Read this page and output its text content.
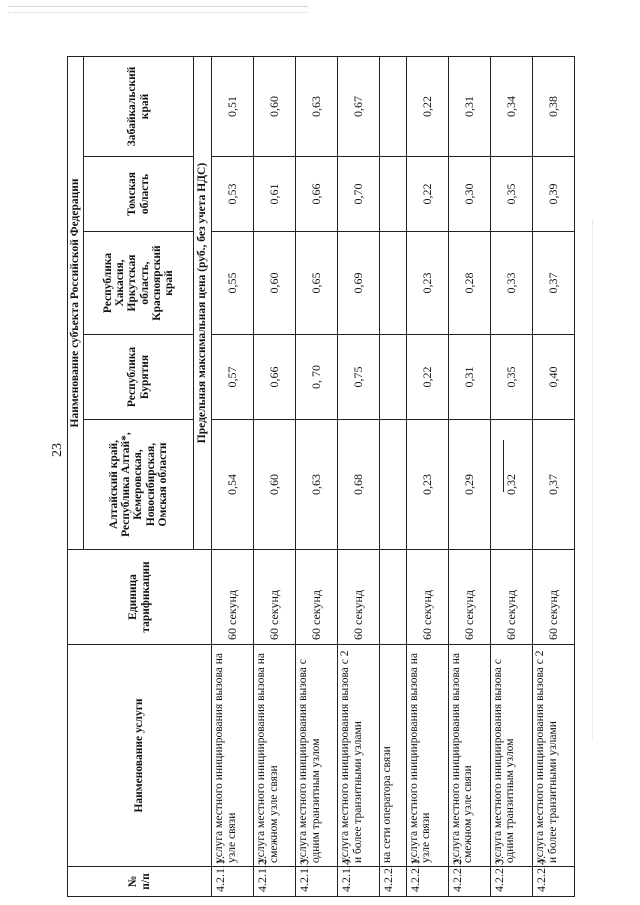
23
№ п/п	Наименование услуги	Единица тарификации	Наименование субъекта Российской Федерации				
			Алтайский край, Республика Алтай*, Кемеровская, Новосибирская, Омская области	Республика Бурятия	Республика Хакасия, Иркутская область, Красноярский край	Томская область	Забайкальский край
			Предельная максимальная цена (руб., без учета НДС)				
4.2.1.1.	услуга местного инициирования вызова на узле связи	60 секунд	0,54	0,57	0,55	0,53	0,51
4.2.1.2.	услуга местного инициирования вызова на смежном узле связи	60 секунд	0,60	0,66	0,60	0,61	0,60
4.2.1.3.	услуга местного инициирования вызова с одним транзитным узлом	60 секунд	0,63	0, 70	0,65	0,66	0,63
4.2.1.4.	услуга местного инициирования вызова с 2 и более транзитными узлами	60 секунд	0,68	0,75	0,69	0,70	0,67
4.2.2.	на сети оператора связи						
4.2.2.1.	услуга местного инициирования вызова на узле связи	60 секунд	0,23	0,22	0,23	0,22	0,22
4.2.2.2.	услуга местного инициирования вызова на смежном узле связи	60 секунд	0,29	0,31	0,28	0,30	0,31
4.2.2.3.	услуга местного инициирования вызова с одним транзитным узлом	60 секунд	0,32	0,35	0,33	0,35	0,34
4.2.2.4.	услуга местного инициирования вызова с 2 и более транзитными узлами	60 секунд	0,37	0,40	0,37	0,39	0,38
